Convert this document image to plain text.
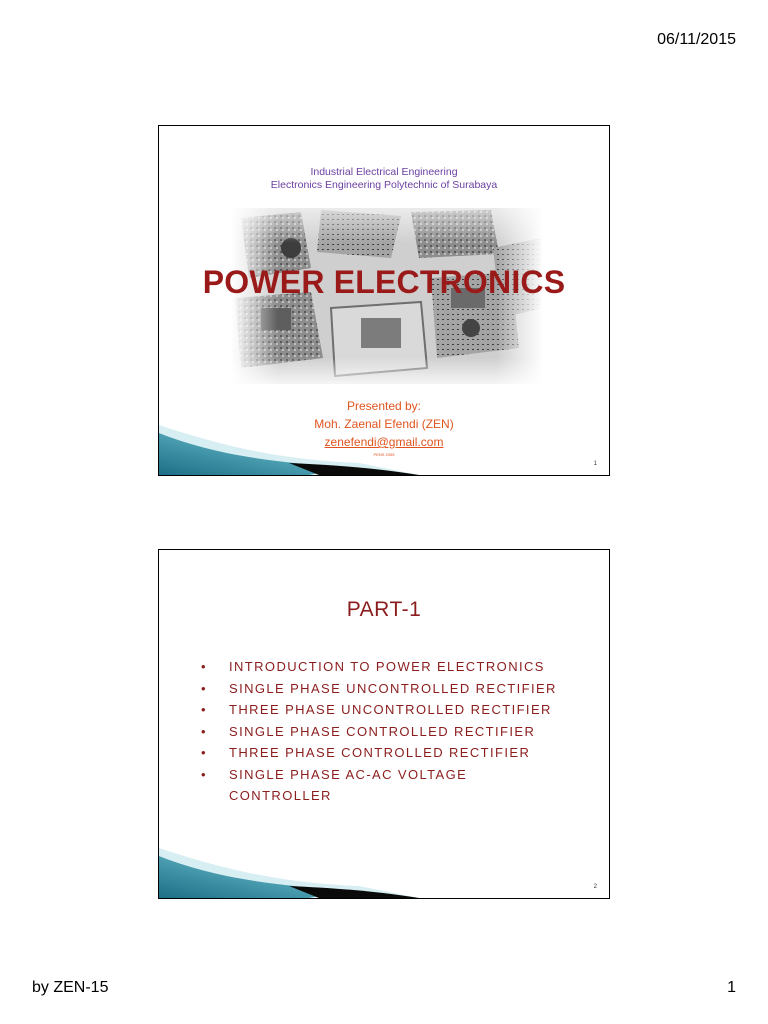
06/11/2015
Industrial Electrical Engineering
Electronics Engineering Polytechnic of Surabaya
POWER ELECTRONICS
Presented by:
Moh. Zaenal Efendi (ZEN)
zenefendi@gmail.com
PENS 2055
1
PART-1
• INTRODUCTION TO POWER ELECTRONICS
• SINGLE PHASE UNCONTROLLED RECTIFIER
• THREE PHASE UNCONTROLLED RECTIFIER
• SINGLE PHASE CONTROLLED RECTIFIER
• THREE PHASE CONTROLLED RECTIFIER
• SINGLE PHASE AC-AC VOLTAGE CONTROLLER
2
by ZEN-15	1
